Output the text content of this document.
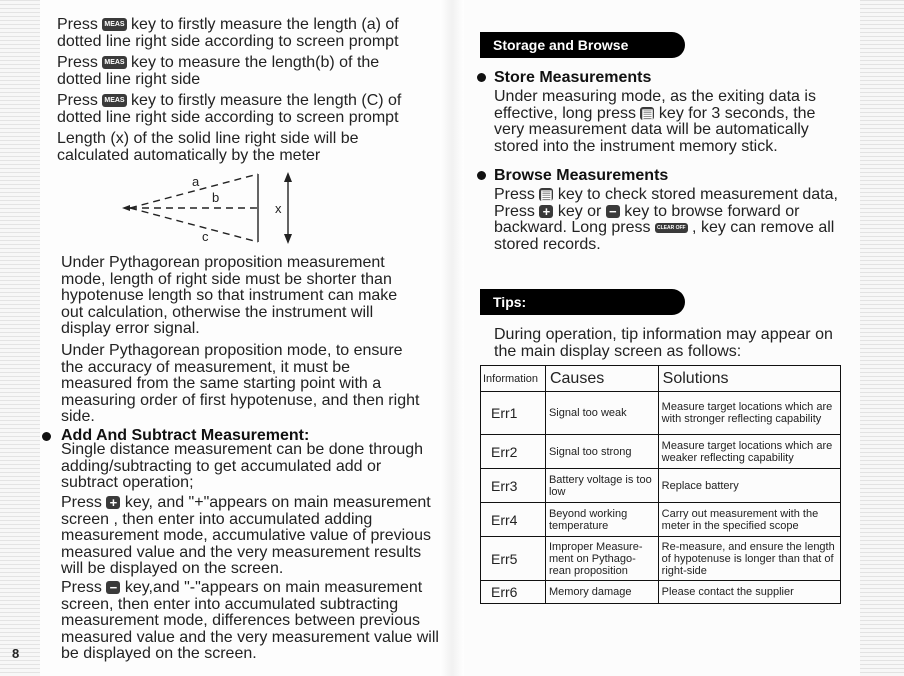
8

Press MEAS key to firstly measure the length (a) of dotted line right side according to screen prompt

Press MEAS key to measure the length(b) of the dotted line right side

Press MEAS key to firstly measure the length (C) of dotted line right side according to screen prompt

Length (x) of the solid line right side will be calculated automatically by the meter

a
b
c
x

Under Pythagorean proposition measurement mode, length of right side must be shorter than hypotenuse length so that instrument can make out calculation, otherwise the instrument will display error signal.

Under Pythagorean proposition mode, to ensure the accuracy of measurement, it must be measured from the same starting point with a measuring order of first hypotenuse, and then right side.

Add And Subtract Measurement:

Single distance measurement can be done through adding/subtracting to get accumulated add or subtract operation;

Press + key, and "+"appears on main measurement screen , then enter into accumulated adding measurement mode, accumulative value of previous measured value and the very measurement results will be displayed on the screen.

Press − key,and "-"appears on main measurement screen, then enter into accumulated subtracting measurement mode, differences between previous measured value and the very measurement value will be displayed on the screen.

Storage and Browse
Store Measurements

Under measuring mode, as the exiting data is effective, long press ▤ key for 3 seconds, the very measurement data will be automatically stored into the instrument memory stick.

Browse Measurements

Press ▤ key to check stored measurement data, Press + key or − key to browse forward or backward. Long press CLEAR OFF , key can remove all stored records.

Tips:

During operation, tip information may appear on the main display screen as follows:

Information	Causes	Solutions
Err1	Signal too weak	Measure target locations which are with stronger reflecting capability
Err2	Signal too strong	Measure target locations which are weaker reflecting capability
Err3	Battery voltage is too low	Replace battery
Err4	Beyond working temperature	Carry out measurement with the meter in the specified scope
Err5	Improper Measure-ment on Pythago-rean proposition	Re-measure, and ensure the length of hypotenuse is longer than that of right-side
Err6	Memory damage	Please contact the supplier
